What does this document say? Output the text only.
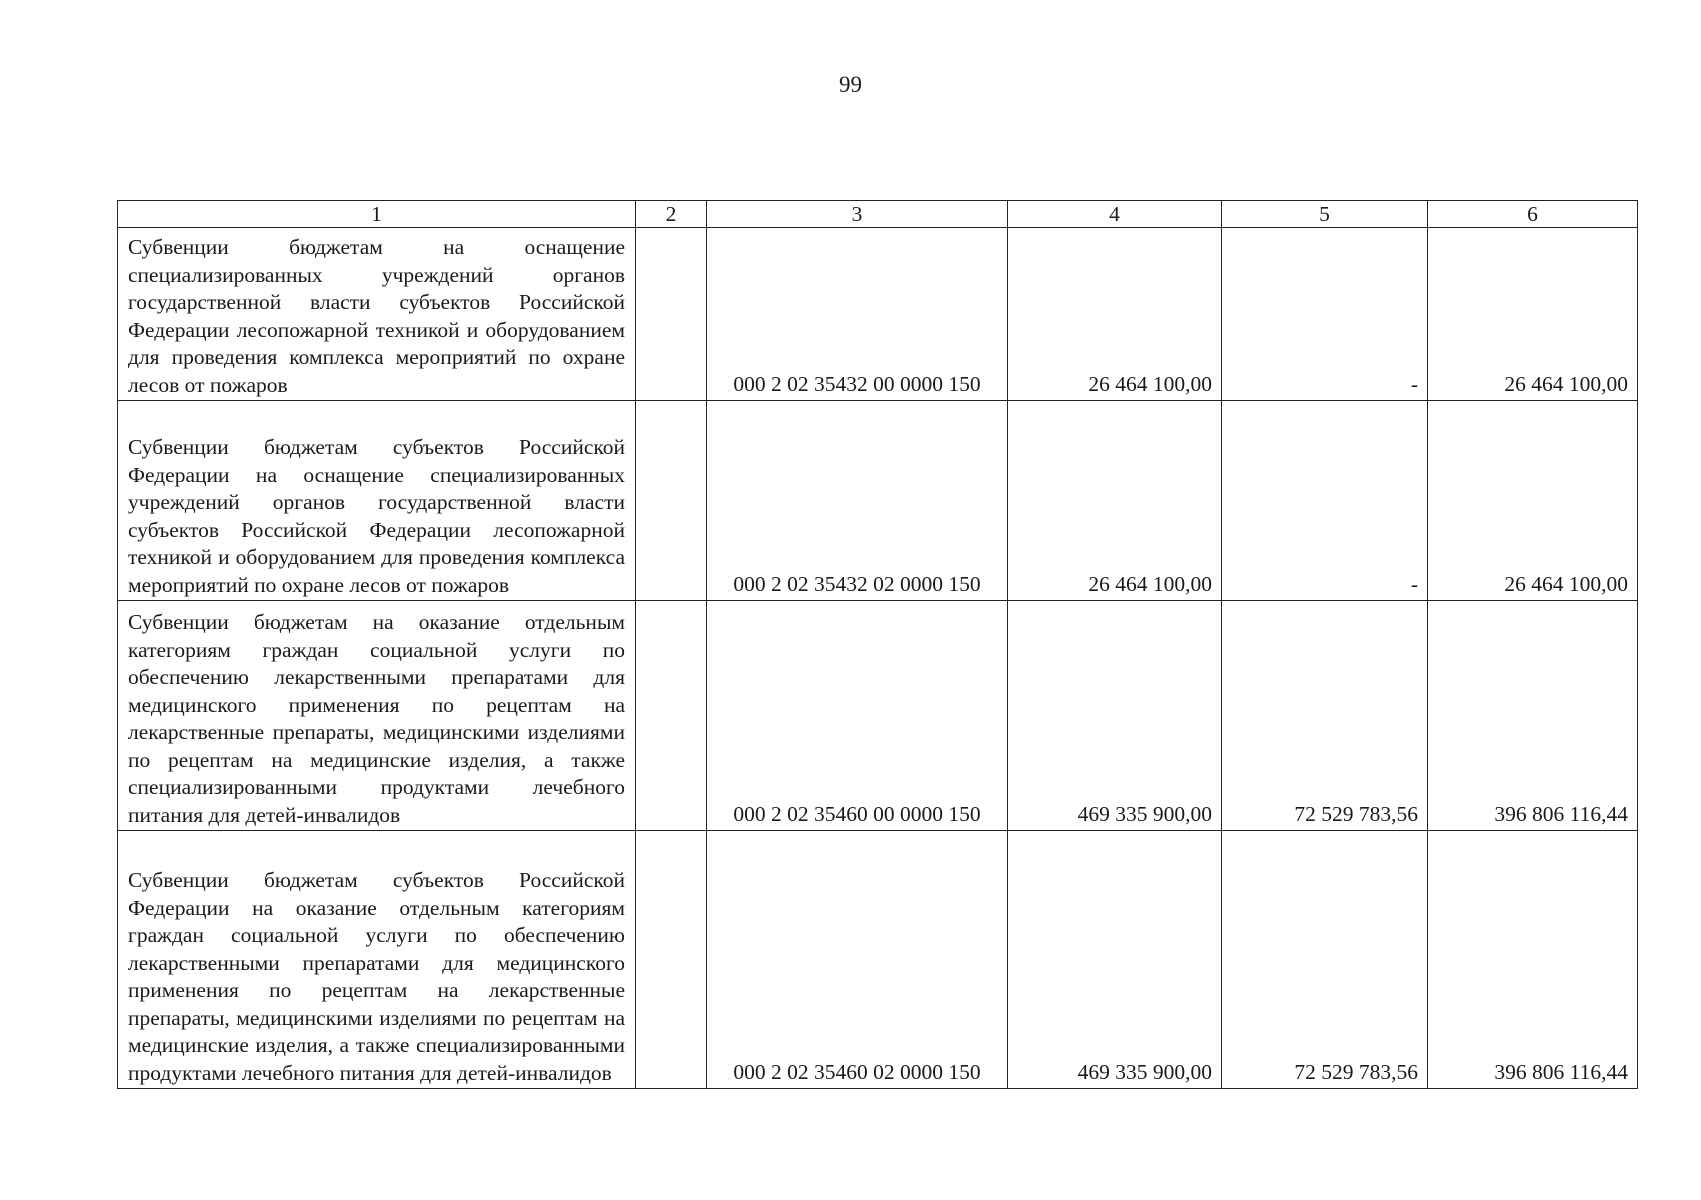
99
1	2	3	4	5	6
Субвенции бюджетам на оснащение специализированных учреждений органов государственной власти субъектов Российской Федерации лесопожарной техникой и оборудованием для проведения комплекса мероприятий по охране лесов от пожаров		000 2 02 35432 00 0000 150	26 464 100,00	-	26 464 100,00
Субвенции бюджетам субъектов Российской Федерации на оснащение специализированных учреждений органов государственной власти субъектов Российской Федерации лесопожарной техникой и оборудованием для проведения комплекса мероприятий по охране лесов от пожаров		000 2 02 35432 02 0000 150	26 464 100,00	-	26 464 100,00
Субвенции бюджетам на оказание отдельным категориям граждан социальной услуги по обеспечению лекарственными препаратами для медицинского применения по рецептам на лекарственные препараты, медицинскими изделиями по рецептам на медицинские изделия, а также специализированными продуктами лечебного питания для детей-инвалидов		000 2 02 35460 00 0000 150	469 335 900,00	72 529 783,56	396 806 116,44
Субвенции бюджетам субъектов Российской Федерации на оказание отдельным категориям граждан социальной услуги по обеспечению лекарственными препаратами для медицинского применения по рецептам на лекарственные препараты, медицинскими изделиями по рецептам на медицинские изделия, а также специализированными продуктами лечебного питания для детей-инвалидов		000 2 02 35460 02 0000 150	469 335 900,00	72 529 783,56	396 806 116,44
